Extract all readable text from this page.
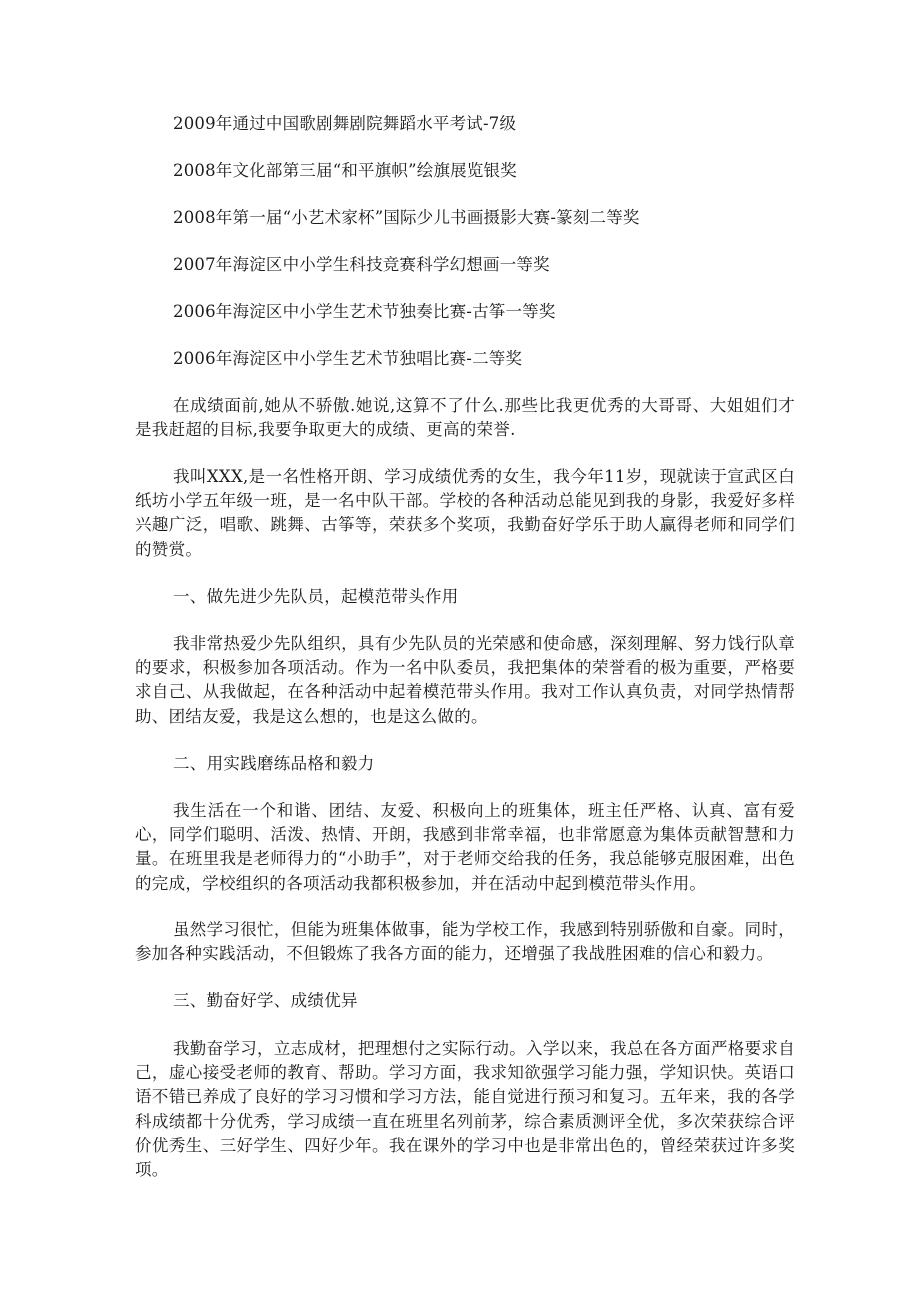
2009年通过中国歌剧舞剧院舞蹈水平考试-7级
2008年文化部第三届“和平旗帜”绘旗展览银奖
2008年第一届“小艺术家杯”国际少儿书画摄影大赛-篆刻二等奖
2007年海淀区中小学生科技竞赛科学幻想画一等奖
2006年海淀区中小学生艺术节独奏比赛-古筝一等奖
2006年海淀区中小学生艺术节独唱比赛-二等奖

在成绩面前,她从不骄傲.她说,这算不了什么.那些比我更优秀的大哥哥、大姐姐们才是我赶超的目标,我要争取更大的成绩、更高的荣誉.

我叫XXX,是一名性格开朗、学习成绩优秀的女生，我今年11岁，现就读于宣武区白纸坊小学五年级一班，是一名中队干部。学校的各种活动总能见到我的身影，我爱好多样兴趣广泛，唱歌、跳舞、古筝等，荣获多个奖项，我勤奋好学乐于助人赢得老师和同学们的赞赏。

一、做先进少先队员，起模范带头作用

我非常热爱少先队组织，具有少先队员的光荣感和使命感，深刻理解、努力饯行队章的要求，积极参加各项活动。作为一名中队委员，我把集体的荣誉看的极为重要，严格要求自己、从我做起，在各种活动中起着模范带头作用。我对工作认真负责，对同学热情帮助、团结友爱，我是这么想的，也是这么做的。

二、用实践磨练品格和毅力

我生活在一个和谐、团结、友爱、积极向上的班集体，班主任严格、认真、富有爱心，同学们聪明、活泼、热情、开朗，我感到非常幸福，也非常愿意为集体贡献智慧和力量。在班里我是老师得力的“小助手”，对于老师交给我的任务，我总能够克服困难，出色的完成，学校组织的各项活动我都积极参加，并在活动中起到模范带头作用。

虽然学习很忙，但能为班集体做事，能为学校工作，我感到特别骄傲和自豪。同时，参加各种实践活动，不但锻炼了我各方面的能力，还增强了我战胜困难的信心和毅力。

三、勤奋好学、成绩优异

我勤奋学习，立志成材，把理想付之实际行动。入学以来，我总在各方面严格要求自己，虚心接受老师的教育、帮助。学习方面，我求知欲强学习能力强，学知识快。英语口语不错已养成了良好的学习习惯和学习方法，能自觉进行预习和复习。五年来，我的各学科成绩都十分优秀，学习成绩一直在班里名列前茅，综合素质测评全优，多次荣获综合评价优秀生、三好学生、四好少年。我在课外的学习中也是非常出色的，曾经荣获过许多奖项。
